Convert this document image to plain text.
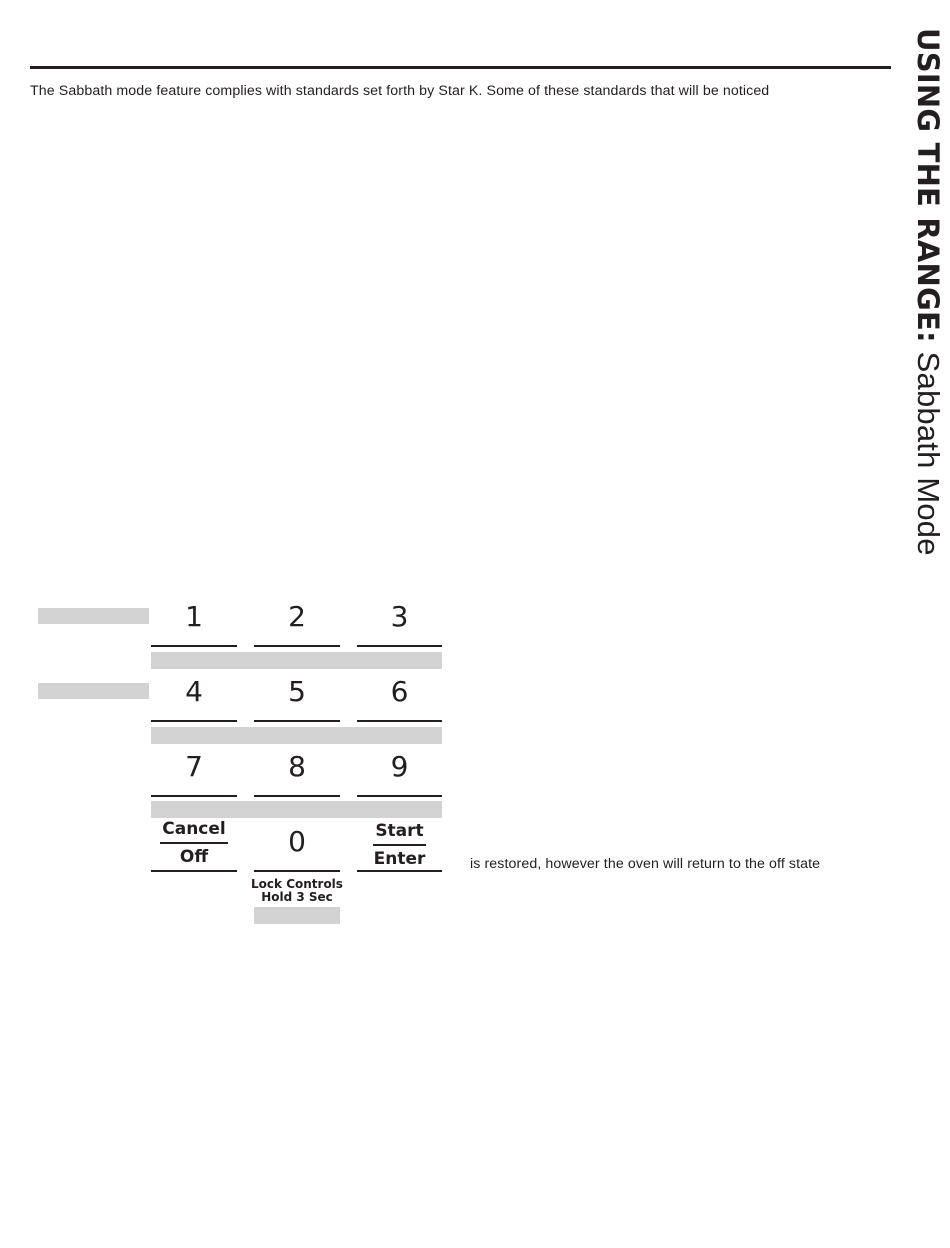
The Sabbath mode feature complies with standards set forth by Star K. Some of these standards that will be noticed	USING THE RANGE: Sabbath Mode
1	2	3
4	5	6
7	8	9
Cancel
Off	0	Start
Enter
Lock Controls
Hold 3 Sec
is restored, however the oven will return to the off state
